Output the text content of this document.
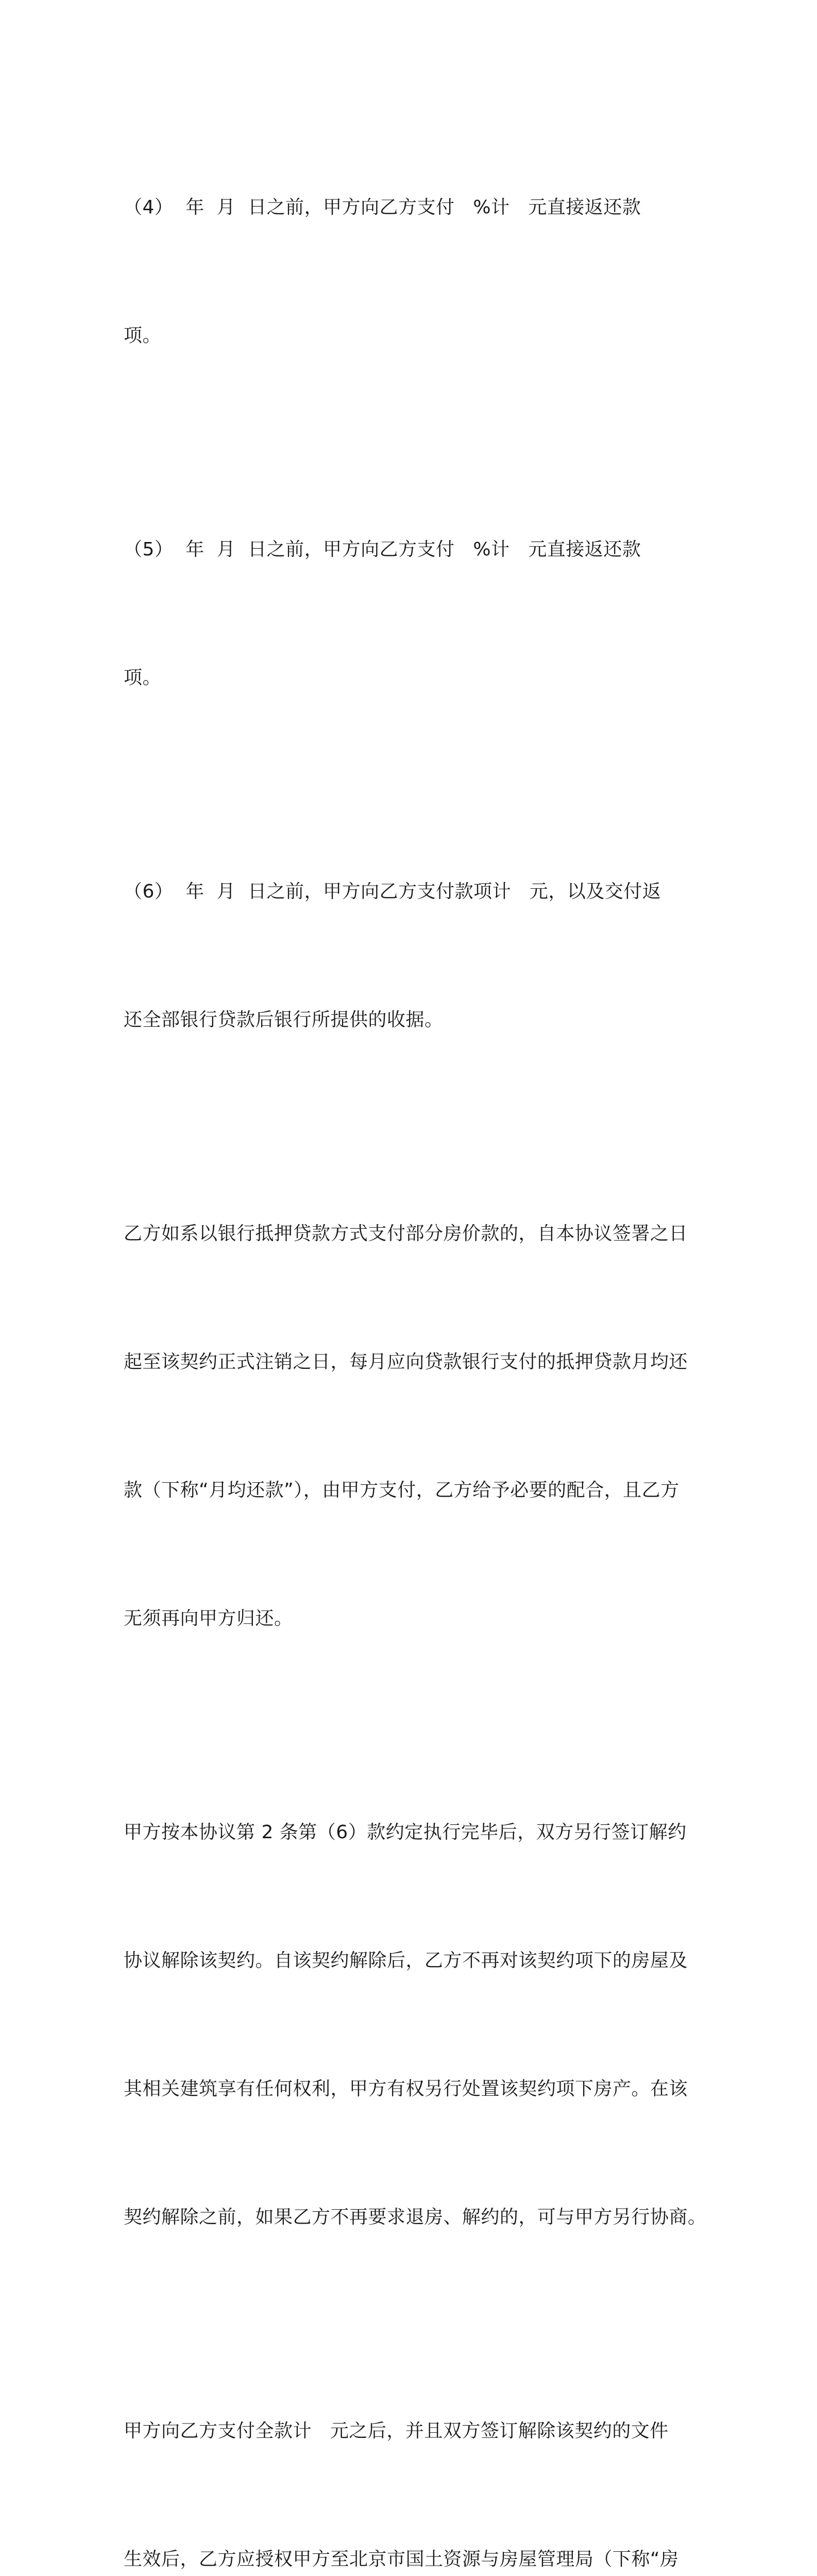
（4）  年  月  日之前，甲方向乙方支付   %计   元直接返还款

项。

（5）  年  月  日之前，甲方向乙方支付   %计   元直接返还款

项。

（6）  年  月  日之前，甲方向乙方支付款项计   元，以及交付返

还全部银行贷款后银行所提供的收据。

乙方如系以银行抵押贷款方式支付部分房价款的，自本协议签署之日

起至该契约正式注销之日，每月应向贷款银行支付的抵押贷款月均还

款（下称“月均还款”），由甲方支付，乙方给予必要的配合，且乙方

无须再向甲方归还。

甲方按本协议第 2 条第（6）款约定执行完毕后，双方另行签订解约

协议解除该契约。自该契约解除后，乙方不再对该契约项下的房屋及

其相关建筑享有任何权利，甲方有权另行处置该契约项下房产。在该

契约解除之前，如果乙方不再要求退房、解约的，可与甲方另行协商。

甲方向乙方支付全款计   元之后，并且双方签订解除该契约的文件

生效后，乙方应授权甲方至北京市国土资源与房屋管理局（下称“房
